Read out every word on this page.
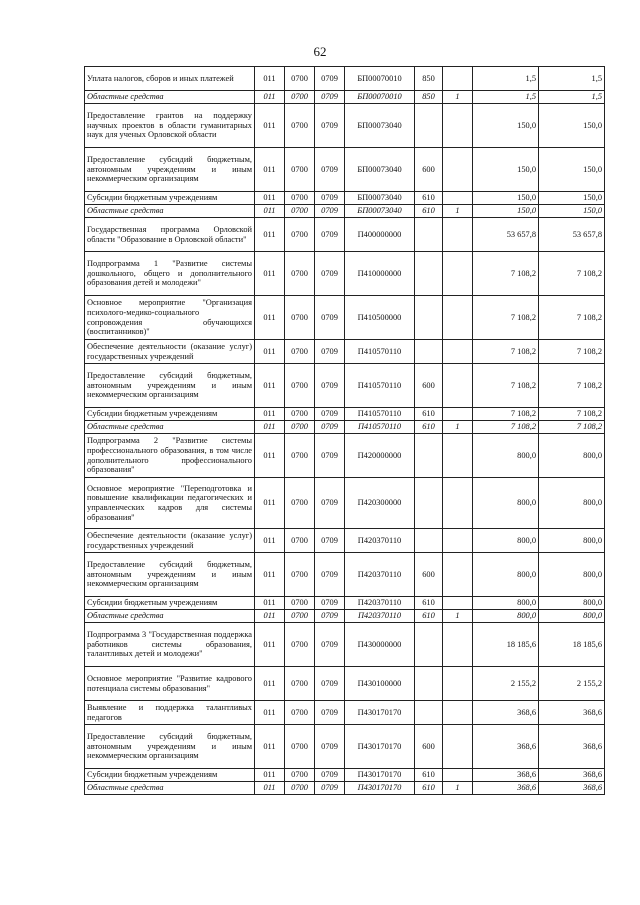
62
Уплата налогов, сборов и иных платежей	011	0700	0709	БП00070010	850		1,5	1,5
Областные средства	011	0700	0709	БП00070010	850	1	1,5	1,5
Предоставление грантов на поддержку научных проектов в области гуманитарных наук для ученых Орловской области	011	0700	0709	БП00073040			150,0	150,0
Предоставление субсидий бюджетным, автономным учреждениям и иным некоммерческим организациям	011	0700	0709	БП00073040	600		150,0	150,0
Субсидии бюджетным учреждениям	011	0700	0709	БП00073040	610		150,0	150,0
Областные средства	011	0700	0709	БП00073040	610	1	150,0	150,0
Государственная программа Орловской области "Образование в Орловской области"	011	0700	0709	П400000000			53 657,8	53 657,8
Подпрограмма 1 "Развитие системы дошкольного, общего и дополнительного образования детей и молодежи"	011	0700	0709	П410000000			7 108,2	7 108,2
Основное мероприятие "Организация психолого-медико-социального сопровождения обучающихся (воспитанников)"	011	0700	0709	П410500000			7 108,2	7 108,2
Обеспечение деятельности (оказание услуг) государственных учреждений	011	0700	0709	П410570110			7 108,2	7 108,2
Предоставление субсидий бюджетным, автономным учреждениям и иным некоммерческим организациям	011	0700	0709	П410570110	600		7 108,2	7 108,2
Субсидии бюджетным учреждениям	011	0700	0709	П410570110	610		7 108,2	7 108,2
Областные средства	011	0700	0709	П410570110	610	1	7 108,2	7 108,2
Подпрограмма 2 "Развитие системы профессионального образования, в том числе дополнительного профессионального образования"	011	0700	0709	П420000000			800,0	800,0
Основное мероприятие "Переподготовка и повышение квалификации педагогических и управленческих кадров для системы образования"	011	0700	0709	П420300000			800,0	800,0
Обеспечение деятельности (оказание услуг) государственных учреждений	011	0700	0709	П420370110			800,0	800,0
Предоставление субсидий бюджетным, автономным учреждениям и иным некоммерческим организациям	011	0700	0709	П420370110	600		800,0	800,0
Субсидии бюджетным учреждениям	011	0700	0709	П420370110	610		800,0	800,0
Областные средства	011	0700	0709	П420370110	610	1	800,0	800,0
Подпрограмма 3 "Государственная поддержка работников системы образования, талантливых детей и молодежи"	011	0700	0709	П430000000			18 185,6	18 185,6
Основное мероприятие "Развитие кадрового потенциала системы образования"	011	0700	0709	П430100000			2 155,2	2 155,2
Выявление и поддержка талантливых педагогов	011	0700	0709	П430170170			368,6	368,6
Предоставление субсидий бюджетным, автономным учреждениям и иным некоммерческим организациям	011	0700	0709	П430170170	600		368,6	368,6
Субсидии бюджетным учреждениям	011	0700	0709	П430170170	610		368,6	368,6
Областные средства	011	0700	0709	П430170170	610	1	368,6	368,6
